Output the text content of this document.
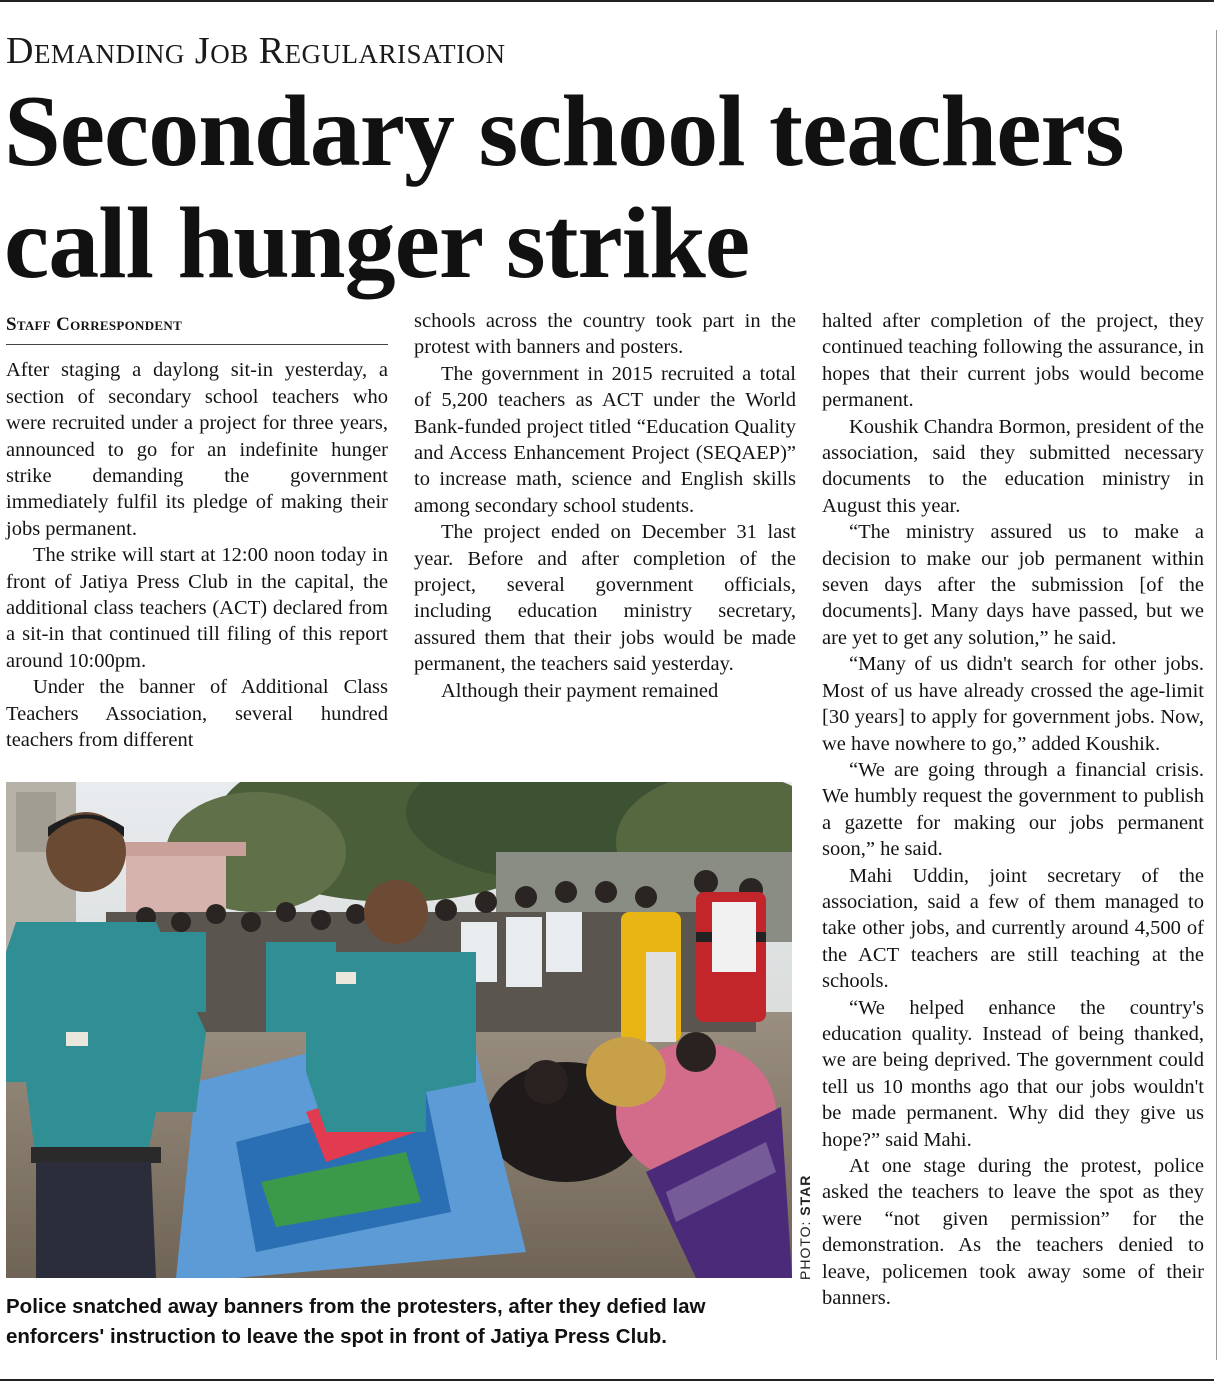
Demanding Job Regularisation
Secondary school teachers call hunger strike
Staff Correspondent

After staging a daylong sit-in yesterday, a section of secondary school teachers who were recruited under a project for three years, announced to go for an indefinite hunger strike demanding the government immediately fulfil its pledge of making their jobs permanent.

The strike will start at 12:00 noon today in front of Jatiya Press Club in the capital, the additional class teachers (ACT) declared from a sit-in that continued till filing of this report around 10:00pm.

Under the banner of Additional Class Teachers Association, several hundred teachers from different

schools across the country took part in the protest with banners and posters.

The government in 2015 recruited a total of 5,200 teachers as ACT under the World Bank-funded project titled “Education Quality and Access Enhancement Project (SEQAEP)” to increase math, science and English skills among secondary school students.

The project ended on December 31 last year. Before and after completion of the project, several government officials, including education ministry secretary, assured them that their jobs would be made permanent, the teachers said yesterday.

Although their payment remained

halted after completion of the project, they continued teaching following the assurance, in hopes that their current jobs would become permanent.

Koushik Chandra Bormon, president of the association, said they submitted necessary documents to the education ministry in August this year.

“The ministry assured us to make a decision to make our job permanent within seven days after the submission [of the documents]. Many days have passed, but we are yet to get any solution,” he said.

“Many of us didn't search for other jobs. Most of us have already crossed the age-limit [30 years] to apply for government jobs. Now, we have nowhere to go,” added Koushik.

“We are going through a financial crisis. We humbly request the government to publish a gazette for making our jobs permanent soon,” he said.

Mahi Uddin, joint secretary of the association, said a few of them managed to take other jobs, and currently around 4,500 of the ACT teachers are still teaching at the schools.

“We helped enhance the country's education quality. Instead of being thanked, we are being deprived. The government could tell us 10 months ago that our jobs wouldn't be made permanent. Why did they give us hope?” said Mahi.

At one stage during the protest, police asked the teachers to leave the spot as they were “not given permission” for the demonstration. As the teachers denied to leave, policemen took away some of their banners.

PHOTO: STAR
Police snatched away banners from the protesters, after they defied law enforcers' instruction to leave the spot in front of Jatiya Press Club.
